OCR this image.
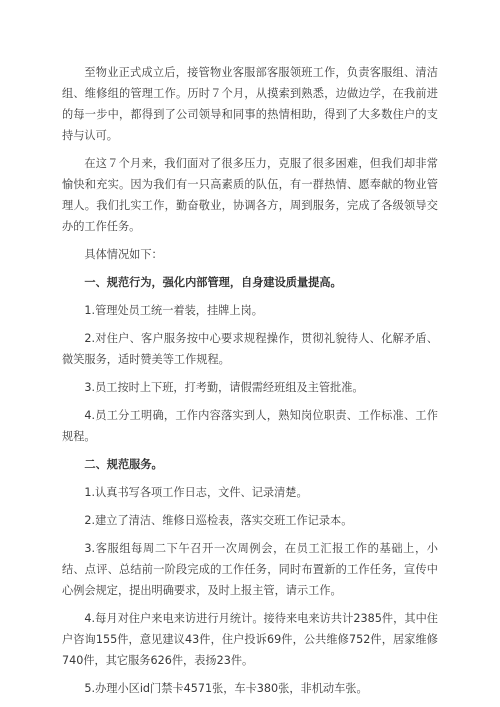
至物业正式成立后，接管物业客服部客服领班工作，负责客服组、清洁组、维修组的管理工作。历时７个月，从摸索到熟悉，边做边学，在我前进的每一步中，都得到了公司领导和同事的热情相助，得到了大多数住户的支持与认可。

在这７个月来，我们面对了很多压力，克服了很多困难，但我们却非常愉快和充实。因为我们有一只高素质的队伍，有一群热情、愿奉献的物业管理人。我们扎实工作，勤奋敬业，协调各方，周到服务，完成了各级领导交办的工作任务。

具体情况如下：

一、规范行为，强化内部管理，自身建设质量提高。

1.管理处员工统一着装，挂牌上岗。

2.对住户、客户服务按中心要求规程操作，贯彻礼貌待人、化解矛盾、微笑服务，适时赞美等工作规程。

3.员工按时上下班，打考勤，请假需经班组及主管批准。

4.员工分工明确，工作内容落实到人，熟知岗位职责、工作标准、工作规程。

二、规范服务。

1.认真书写各项工作日志，文件、记录清楚。

2.建立了清洁、维修日巡检表，落实交班工作记录本。

3.客服组每周二下午召开一次周例会，在员工汇报工作的基础上，小结、点评、总结前一阶段完成的工作任务，同时布置新的工作任务，宣传中心例会规定，提出明确要求，及时上报主管，请示工作。

4.每月对住户来电来访进行月统计。接待来电来访共计2385件，其中住户咨询155件，意见建议43件，住户投诉69件，公共维修752件，居家维修740件，其它服务626件，表扬23件。

5.办理小区id门禁卡4571张，车卡380张，非机动车张。
